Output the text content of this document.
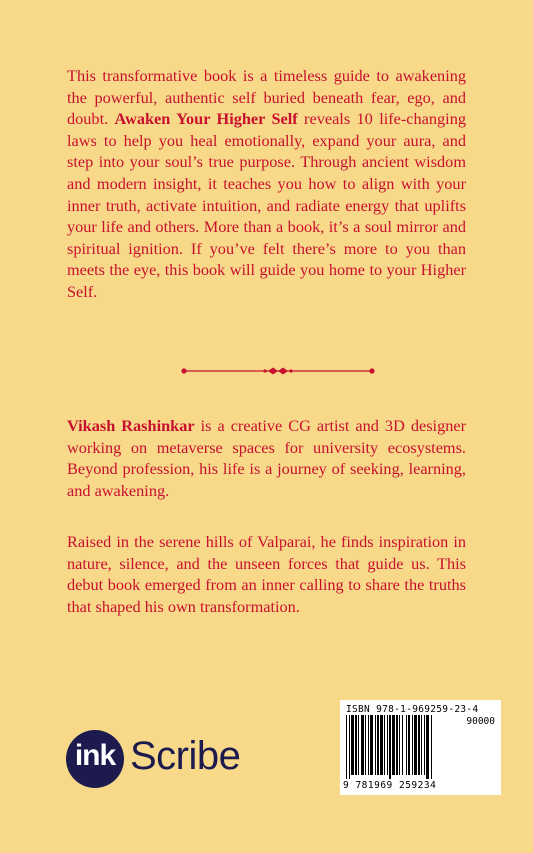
This transformative book is a timeless guide to awakening the powerful, authentic self buried beneath fear, ego, and doubt. Awaken Your Higher Self reveals 10 life-changing laws to help you heal emotionally, expand your aura, and step into your soul’s true purpose. Through ancient wisdom and modern insight, it teaches you how to align with your inner truth, activate intuition, and radiate energy that uplifts your life and others. More than a book, it’s a soul mirror and spiritual ignition. If you’ve felt there’s more to you than meets the eye, this book will guide you home to your Higher Self.

Vikash Rashinkar is a creative CG artist and 3D designer working on metaverse spaces for university ecosystems. Beyond profession, his life is a journey of seeking, learning, and awakening.

Raised in the serene hills of Valparai, he finds inspiration in nature, silence, and the unseen forces that guide us. This debut book emerged from an inner calling to share the truths that shaped his own transformation.

ink Scribe
ISBN 978-1-969259-23-4
90000
9 781969 259234
